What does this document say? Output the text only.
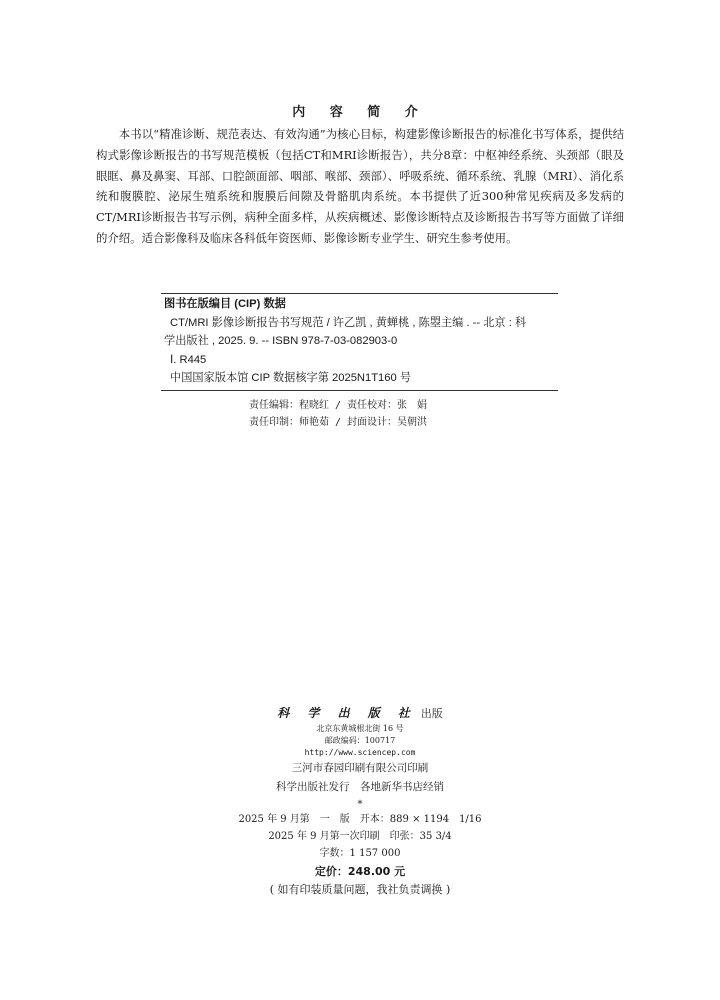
内 容 简 介
本书以“精准诊断、规范表达、有效沟通”为核心目标，构建影像诊断报告的标准化书写体系，提供结构式影像诊断报告的书写规范模板（包括CT和MRI诊断报告），共分8章：中枢神经系统、头颈部（眼及眼眶、鼻及鼻窦、耳部、口腔颌面部、咽部、喉部、颈部）、呼吸系统、循环系统、乳腺（MRI）、消化系统和腹膜腔、泌尿生殖系统和腹膜后间隙及骨骼肌肉系统。本书提供了近300种常见疾病及多发病的CT/MRI诊断报告书写示例，病种全面多样，从疾病概述、影像诊断特点及诊断报告书写等方面做了详细的介绍。适合影像科及临床各科低年资医师、影像诊断专业学生、研究生参考使用。
图书在版编目 (CIP) 数据
CT/MRI 影像诊断报告书写规范 / 许乙凯 , 黄蝉桃 , 陈曌主编 . -- 北京 : 科
学出版社 , 2025. 9. -- ISBN 978-7-03-082903-0
Ⅰ. R445
中国国家版本馆 CIP 数据核字第 2025N1T160 号
责任编辑：程晓红 / 责任校对：张　娟
责任印制：师艳茹 / 封面设计：吴朝洪
科 学 出 版 社 出版
北京东黄城根北街 16 号
邮政编码：100717
http://www.sciencep.com
三河市春园印刷有限公司印刷
科学出版社发行　各地新华书店经销
*
2025 年 9 月第　一　版　开本：889 × 1194　1/16
2025 年 9 月第一次印刷　印张：35 3/4
字数：1 157 000
定价：248.00 元
( 如有印装质量问题，我社负责调换 )
